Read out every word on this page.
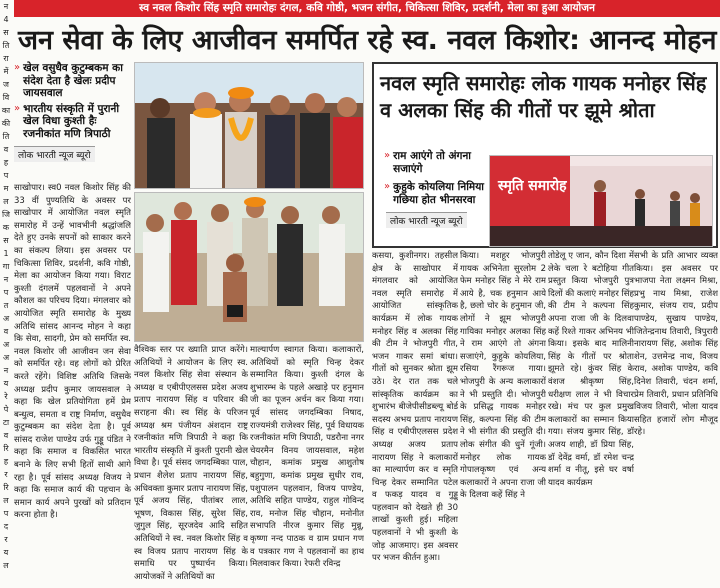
न
4
स
ति
रा
में
ज
वि
का
की
ति
व
ह
प
म
ल
जि
क
स
1
गा
न
प
त
अ
व
अ
अ
न
य
रे
पे
टा
व
रि
ह
र
रि
ल
प
द
र
य
ल
स्व नवल किशोर सिंह स्मृति समारोहः दंगल, कवि गोष्ठी, भजन संगीत, चिकित्सा शिविर, प्रदर्शनी, मेला का हुआ आयोजन
जन सेवा के लिए आजीवन समर्पित रहे स्व. नवल किशोर: आनन्द मोहन
» खेल वसुधैव कुटुम्बकम का संदेश देता है खेलः प्रदीप जायसवाल
» भारतीय संस्कृति में पुरानी खेल विधा कुश्ती हैः रजनीकांत मणि त्रिपाठी
लोक भारती न्यूज ब्यूरो
साखोपार। स्व0 नवल किशोर सिंह की 33 वीं पुण्यतिथि के अवसर पर साखोपार में आयोजित नवल स्मृति समारोह में उन्हें भावभीनी श्रद्धांजलि देते हुए उनके सपनों को साकार करने का संकल्प लिया। इस अवसर पर चिकित्सा शिविर, प्रदर्शनी, कवि गोष्ठी, मेला का आयोजन किया गया। विराट कुश्ती दंगलमें पहलवानों ने अपने कौशल का परिचय दिया। मंगलवार को आयोजित स्मृति समारोह के मुख्य अतिथि सांसद आनन्द मोहन ने कहा कि सेवा, सादगी, प्रेम को समर्पित स्व. नवल किशोर जी आजीवन जन सेवा को समर्पित रहे। वह लोगों को प्रेरित करते रहेंगे। विशिष्ट अतिथि जिसके अध्यक्ष प्रदीप कुमार जायसवाल ने कहा कि खेल प्रतियोगिता हमें प्रेम बन्धुत्व, समता व राष्ट्र निर्माण, वसुधैव कुटुम्बकम का संदेश देता है। पूर्व सांसद राजेश पाण्डेय उर्फ गुड्डू पंडित ने कहा कि समाज व विकसित भारत बनाने के लिए सभी हितों साथी आगे रहा है। पूर्व सांसद अध्यक्ष विजय ने कहा कि समाज कार्य की पहचान के समान कार्य अपने पुरखों को प्रतिदान करना होता है।
वैश्विक स्तर पर ख्याति प्राप्त करेंगे। अतिथियों ने आयोजन के लिए स्व. नवल किशोर सिंह सेवा संस्थान के अध्यक्ष व एबीपीएलसस प्रदेश अजय प्रताप नारायण सिंह व परिवार की सराहना की। स्व सिंह के परिजन अध्यक्ष श्रम पंजीयन अंशदान राष्ट्र रजनीकांत मणि त्रिपाठी ने कहा कि भारतीय संस्कृति में कुश्ती पुरानी खेल विधा है। पूर्व संसद जगदम्बिका पाल, प्रधान शैलेश प्रताप नारायण सिंह, अधिवक्ता कुमार प्रताप नारायण सिंह, पूर्व अजय सिंह, पीतांबर लाल, भूषण, विकास सिंह, सुरेश सिंह, जुगुल सिंह, सूरजदेव आदि सहित अतिथियों ने स्व. नवल किशोर सिंह व स्व विजय प्रताप नारायण सिंह के समाधि पर पुष्पार्चन किया। आयोजकों ने अतिथियों का
माल्यार्पण स्वागत किया। कलाकारों, अतिथियों को स्मृति चिन्ह देकर सम्मानित किया। कुश्ती दंगल के शुभारम्भ के पहले अखाड़े पर हनुमान जी का पूजन अर्चन कर किया गया। पूर्व सांसद जगदम्बिका निषाद, राज्यमंत्री राजेश्वर सिंह, पूर्व विधायक रजनीकांत मणि त्रिपाठी, पडरौना नगर चेयरमैन विनय जायसवाल, महेश चौहान, कमांक प्रमुख आशुतोष बहुगुणा, कमांक प्रमुख सुधीर राव, पशुपालन पहलवान, विजय पाण्डेय, अतिथि सहित पाण्डेय, राहुल गोविन्द राव, मनोज सिंह चौहान, मनोनीत सभापति नीरज कुमार सिंह मुन्नू, कृष्णा नन्द पाठक व ग्राम प्रधान गण व पत्रकार गण ने पहलवानों का हाथ मिलवाकर किया। रेफरी रविन्द्र
नवल स्मृति समारोहः लोक गायक मनोहर सिंह व अलका सिंह की गीतों पर झूमे श्रोता
» राम आएंगे तो अंगना सजाएंगे
» कुहुके कोयलिया निमिया गछिया होत भीनसरवा
लोक भारती न्यूज ब्यूरो
स्मृति समारोह
कसया, कुशीनगर। तहसील क्षेत्र के साखोपार में मंगलवार को आयोजित नवल स्मृति समारोह में आयोजित सांस्कृतिक कार्यक्रम में लोक गायक मनोहर सिंह व अलका सिंह की टीम ने भोजपुरी गीत, भजन गाकर समां बांधा। गीतों को सुनकर श्रोता झूम उठे। देर रात तक चले सांस्कृतिक कार्यक्रम का शुभारंभ बीजेपीसीडब्ल्यू बोर्ड सदस्य अभय प्रताप नारायण सिंह व एबीपीएलसस प्रदेश अध्यक्ष अजय प्रताप नारायण सिंह ने कलाकारों का माल्यार्पण कर व स्मृति चिन्ह देकर सम्मानित पटेल व फकड़ यादव व गुड्डू पहलवान को देखते ही 30 लाखों कुश्ती हुई। महिला पहलवानों ने भी कुश्ती के जोड़ आजमाए। इस अवसर पर भजन कीर्तन हुआ।
किया। मशहूर भोजपुरी गायक अभिनेता सुरलोम 2 फेम मनोहर सिंह ने मेरे राम आये है, चक हनुमान आये है, छलो चोर के हनुमान जी, लोगों ने झूम भोजपुरी गायिका मनोहर अलका सिंह ने राम आएंगे तो अंगना सजाएंगे, कुहुके कोयलिया, रसिया रैंगरूज गाया। भोजपुरी के अन्य कलाकारों ने भी प्रस्तुति दी। भोजपुरी के प्रसिद्ध गायक मनोहर सिंह, कल्पना सिंह की टीम ने भी संगीत की प्रस्तुति दी। लोक संगीत की धुनें गूंजी। मनोहर लोक गायक गोपालकृष्ण एवं अन्य कलाकारों ने अपना राजा जी के दिलवा कहें सिंह ने
तोडेलू ए जान, कौन दिशा में लेके चला रे बटोहिया गीत प्रस्तुत किया भोजपुरी पुत्र दिलों की कलाएं मनोहर सिंह की टीम ने कल्पना सिंह अपना राजा जी के दिलवा कहें रिश्ते गाकर अभिनय भी किया। इसके बाद मालिनी सिंह के गीतों पर श्रोता झूमते रहे। कुंवर सिंह के वंशज श्रीकृष्ण सिंह, धरीक्षण लाल ने भी विचार रखे। मंच पर कुल प्रमुख कलाकारों का सम्मान किया गया। संजय कुमार सिंह, डॉ अजय शाही, डॉ प्रिया सिंह, डॉ देवेंद्र वर्मा, डॉ रमेश चन्द्र शर्मा व नीतू, इसे घर वर्षा यादव कार्यक्रम
सभी के प्रति आभार व्यक्त किया। इस अवसर पर भाजपा नेता लक्ष्मन मिश्रा, प्रभु नाथ मिश्रा, राजेश कुमार, संजय राय, प्रदीप पाण्डेय, सुखाय पाण्डेय, जितेन्द्रनाथ तिवारी, त्रिपुरारी नारायण सिंह, अशोक सिंह शेन, उत्तमेन्द्र नाथ, विजय राव, अशोक पाण्डेय, कवि दिनेश तिवारी, चंदन शर्मा, प्रेम तिवारी, प्रधान प्रतिनिधि विजय तिवारी, भोला यादव सहित हजारों लोग मौजूद रहे।
